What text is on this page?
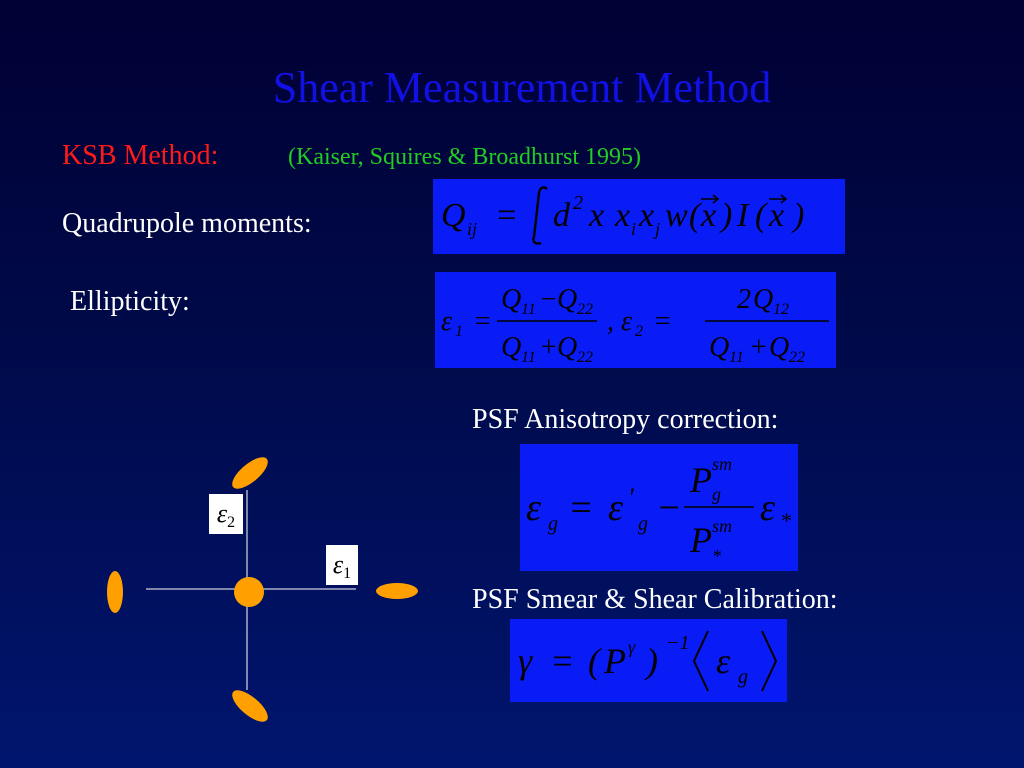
Shear Measurement Method
KSB Method:	(Kaiser, Squires & Broadhurst 1995)
Quadrupole moments:
Ellipticity:
PSF Anisotropy correction:
PSF Smear & Shear Calibration:
Q ij = d 2 x x i x j w ( x ) I ( x )
ε 1 =
Q 11 − Q 22
Q 11 + Q 22
, ε 2 =
2 Q 12
Q 11 + Q 22
ε g = ε '
g −
P sm
g
P sm
*
ε *
γ = ( P γ ) −1 ε g
ε2
ε1
